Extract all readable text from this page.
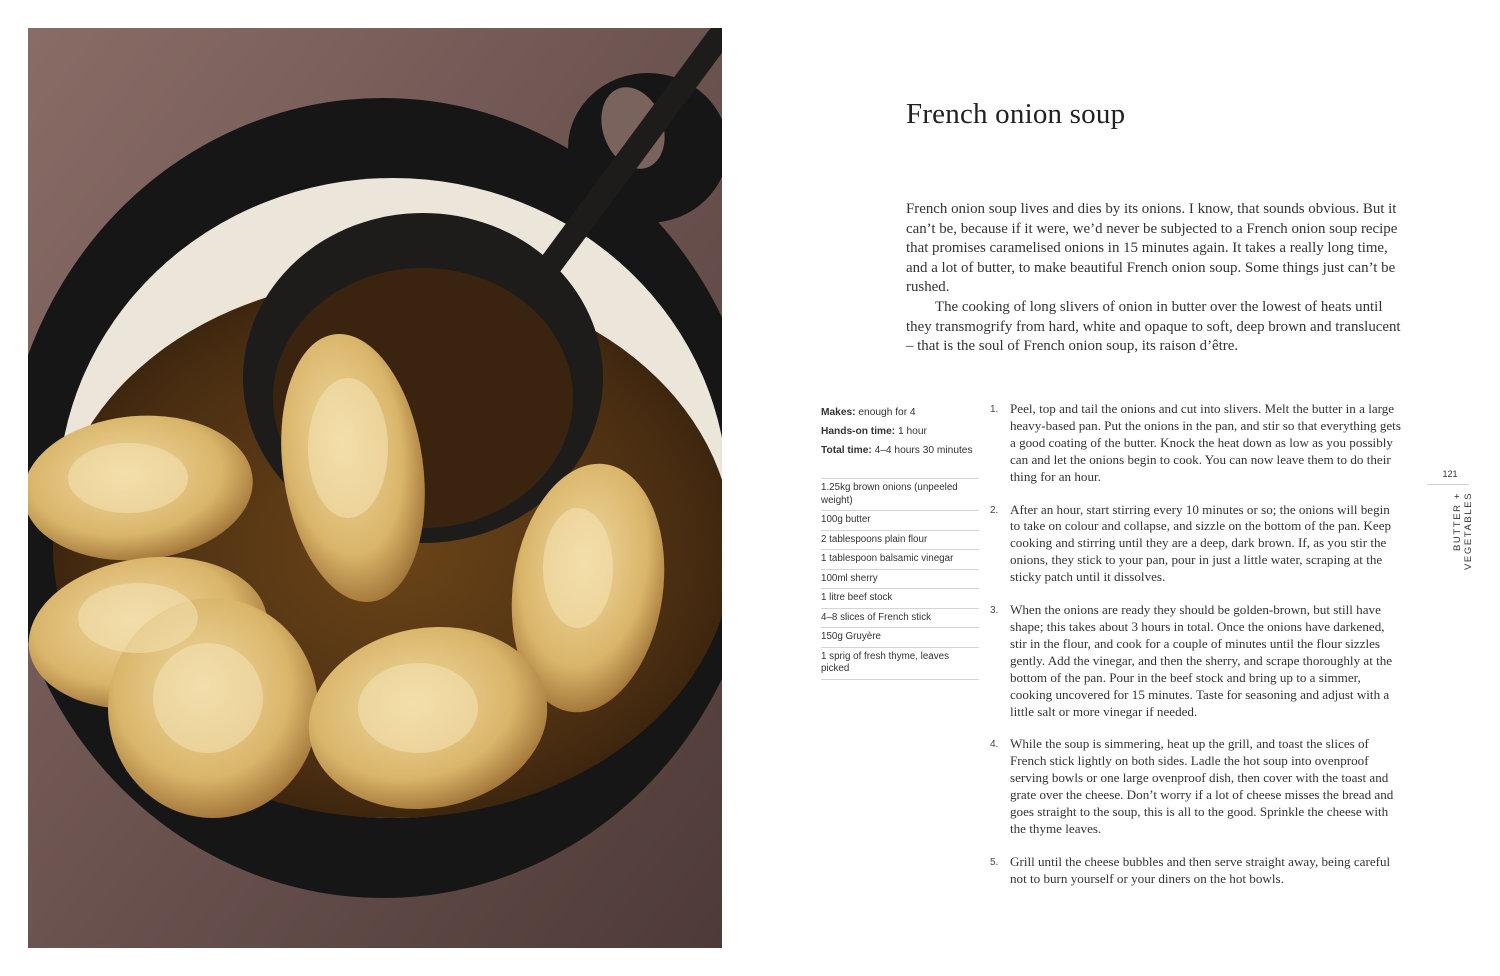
French onion soup

French onion soup lives and dies by its onions. I know, that sounds obvious. But it can’t be, because if it were, we’d never be subjected to a French onion soup recipe that promises caramelised onions in 15 minutes again. It takes a really long time, and a lot of butter, to make beautiful French onion soup. Some things just can’t be rushed.

The cooking of long slivers of onion in butter over the lowest of heats until they transmogrify from hard, white and opaque to soft, deep brown and translucent – that is the soul of French onion soup, its raison d’être.

Makes: enough for 4
Hands-on time: 1 hour
Total time: 4–4 hours 30 minutes
1.25kg brown onions (unpeeled weight)
100g butter
2 tablespoons plain flour
1 tablespoon balsamic vinegar
100ml sherry
1 litre beef stock
4–8 slices of French stick
150g Gruyère
1 sprig of fresh thyme, leaves picked
1. Peel, top and tail the onions and cut into slivers. Melt the butter in a large heavy-based pan. Put the onions in the pan, and stir so that everything gets a good coating of the butter. Knock the heat down as low as you possibly can and let the onions begin to cook. You can now leave them to do their thing for an hour.
2. After an hour, start stirring every 10 minutes or so; the onions will begin to take on colour and collapse, and sizzle on the bottom of the pan. Keep cooking and stirring until they are a deep, dark brown. If, as you stir the onions, they stick to your pan, pour in just a little water, scraping at the sticky patch until it dissolves.
3. When the onions are ready they should be golden-brown, but still have shape; this takes about 3 hours in total. Once the onions have darkened, stir in the flour, and cook for a couple of minutes until the flour sizzles gently. Add the vinegar, and then the sherry, and scrape thoroughly at the bottom of the pan. Pour in the beef stock and bring up to a simmer, cooking uncovered for 15 minutes. Taste for seasoning and adjust with a little salt or more vinegar if needed.
4. While the soup is simmering, heat up the grill, and toast the slices of French stick lightly on both sides. Ladle the hot soup into ovenproof serving bowls or one large ovenproof dish, then cover with the toast and grate over the cheese. Don’t worry if a lot of cheese misses the bread and goes straight to the soup, this is all to the good. Sprinkle the cheese with the thyme leaves.
5. Grill until the cheese bubbles and then serve straight away, being careful not to burn yourself or your diners on the hot bowls.
121
BUTTER + VEGETABLES
